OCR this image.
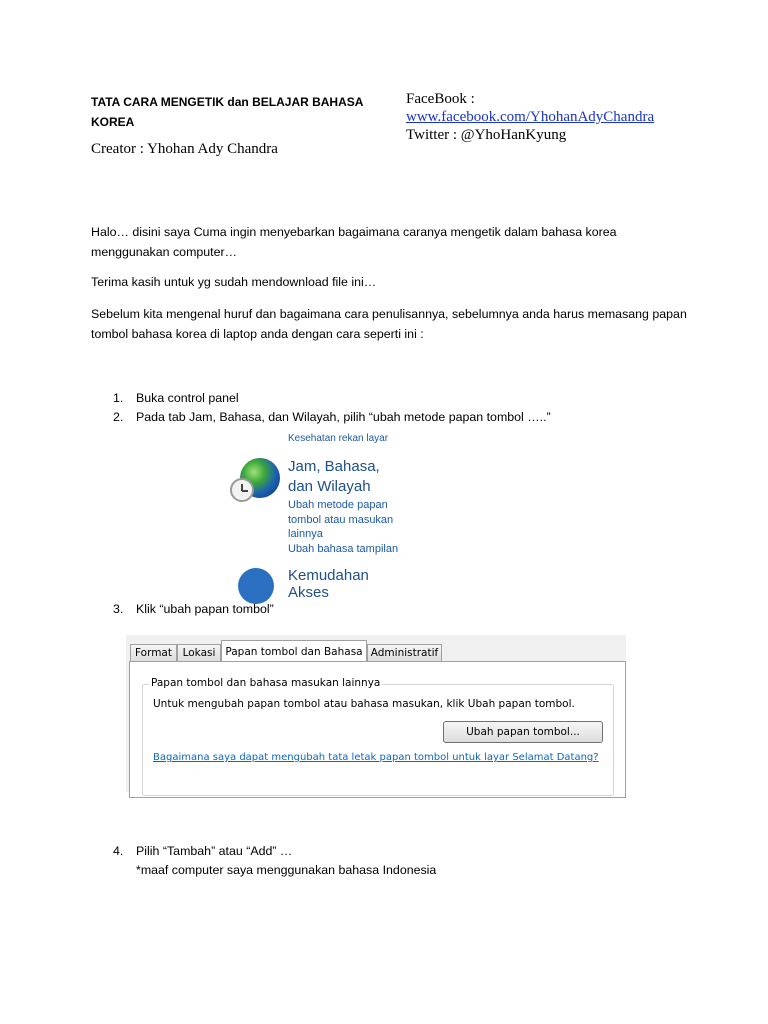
TATA CARA MENGETIK dan BELAJAR BAHASA KOREA
Creator : Yhohan Ady Chandra
FaceBook :
www.facebook.com/YhohanAdyChandra
Twitter : @YhoHanKyung
Halo… disini saya Cuma ingin menyebarkan bagaimana caranya mengetik dalam bahasa korea menggunakan computer…
Terima kasih untuk yg sudah mendownload file ini…
Sebelum kita mengenal huruf dan bagaimana cara penulisannya, sebelumnya anda harus memasang papan tombol bahasa korea di laptop anda dengan cara seperti ini :
1. Buka control panel
2. Pada tab Jam, Bahasa, dan Wilayah, pilih “ubah metode papan tombol …..”
Kesehatan rekan layar
Jam, Bahasa, dan Wilayah
Ubah metode papan tombol atau masukan lainnya
Ubah bahasa tampilan
Kemudahan Akses
3. Klik “ubah papan tombol”
Format	Lokasi Papan tombol dan Bahasa Administratif
Papan tombol dan bahasa masukan lainnya
Untuk mengubah papan tombol atau bahasa masukan, klik Ubah papan tombol.
Ubah papan tombol...
Bagaimana saya dapat mengubah tata letak papan tombol untuk layar Selamat Datang?
4. Pilih “Tambah” atau “Add” …
*maaf computer saya menggunakan bahasa Indonesia
